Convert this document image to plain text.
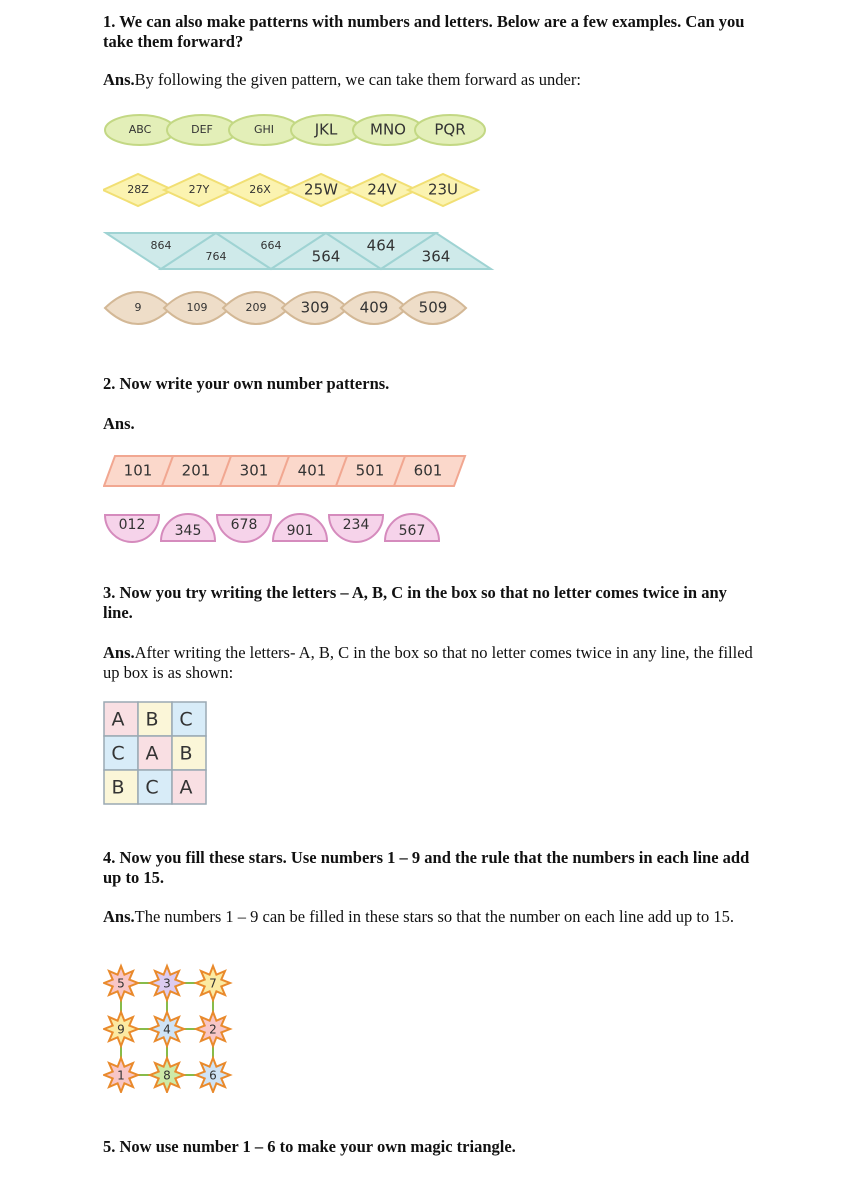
1. We can also make patterns with numbers and letters. Below are a few examples. Can you take them forward?
Ans.By following the given pattern, we can take them forward as under:
ABC	DEF	GHI	JKL MNO PQR
28Z	27Y	26X 25W 24V 23U
864
764
664
564
464
364
9	109	209 309 409 509
2. Now write your own number patterns.
Ans.
101 201 301 401 501 601
012 345 678 901 234 567
3. Now you try writing the letters – A, B, C in the box so that no letter comes twice in any line.
Ans.After writing the letters- A, B, C in the box so that no letter comes twice in any line, the filled up box is as shown:
A B C
C A B
B C A
4. Now you fill these stars. Use numbers 1 – 9 and the rule that the numbers in each line add up to 15.
Ans.The numbers 1 – 9 can be filled in these stars so that the number on each line add up to 15.
5	3	7
9	4	2
1	8	6
5. Now use number 1 – 6 to make your own magic triangle.
